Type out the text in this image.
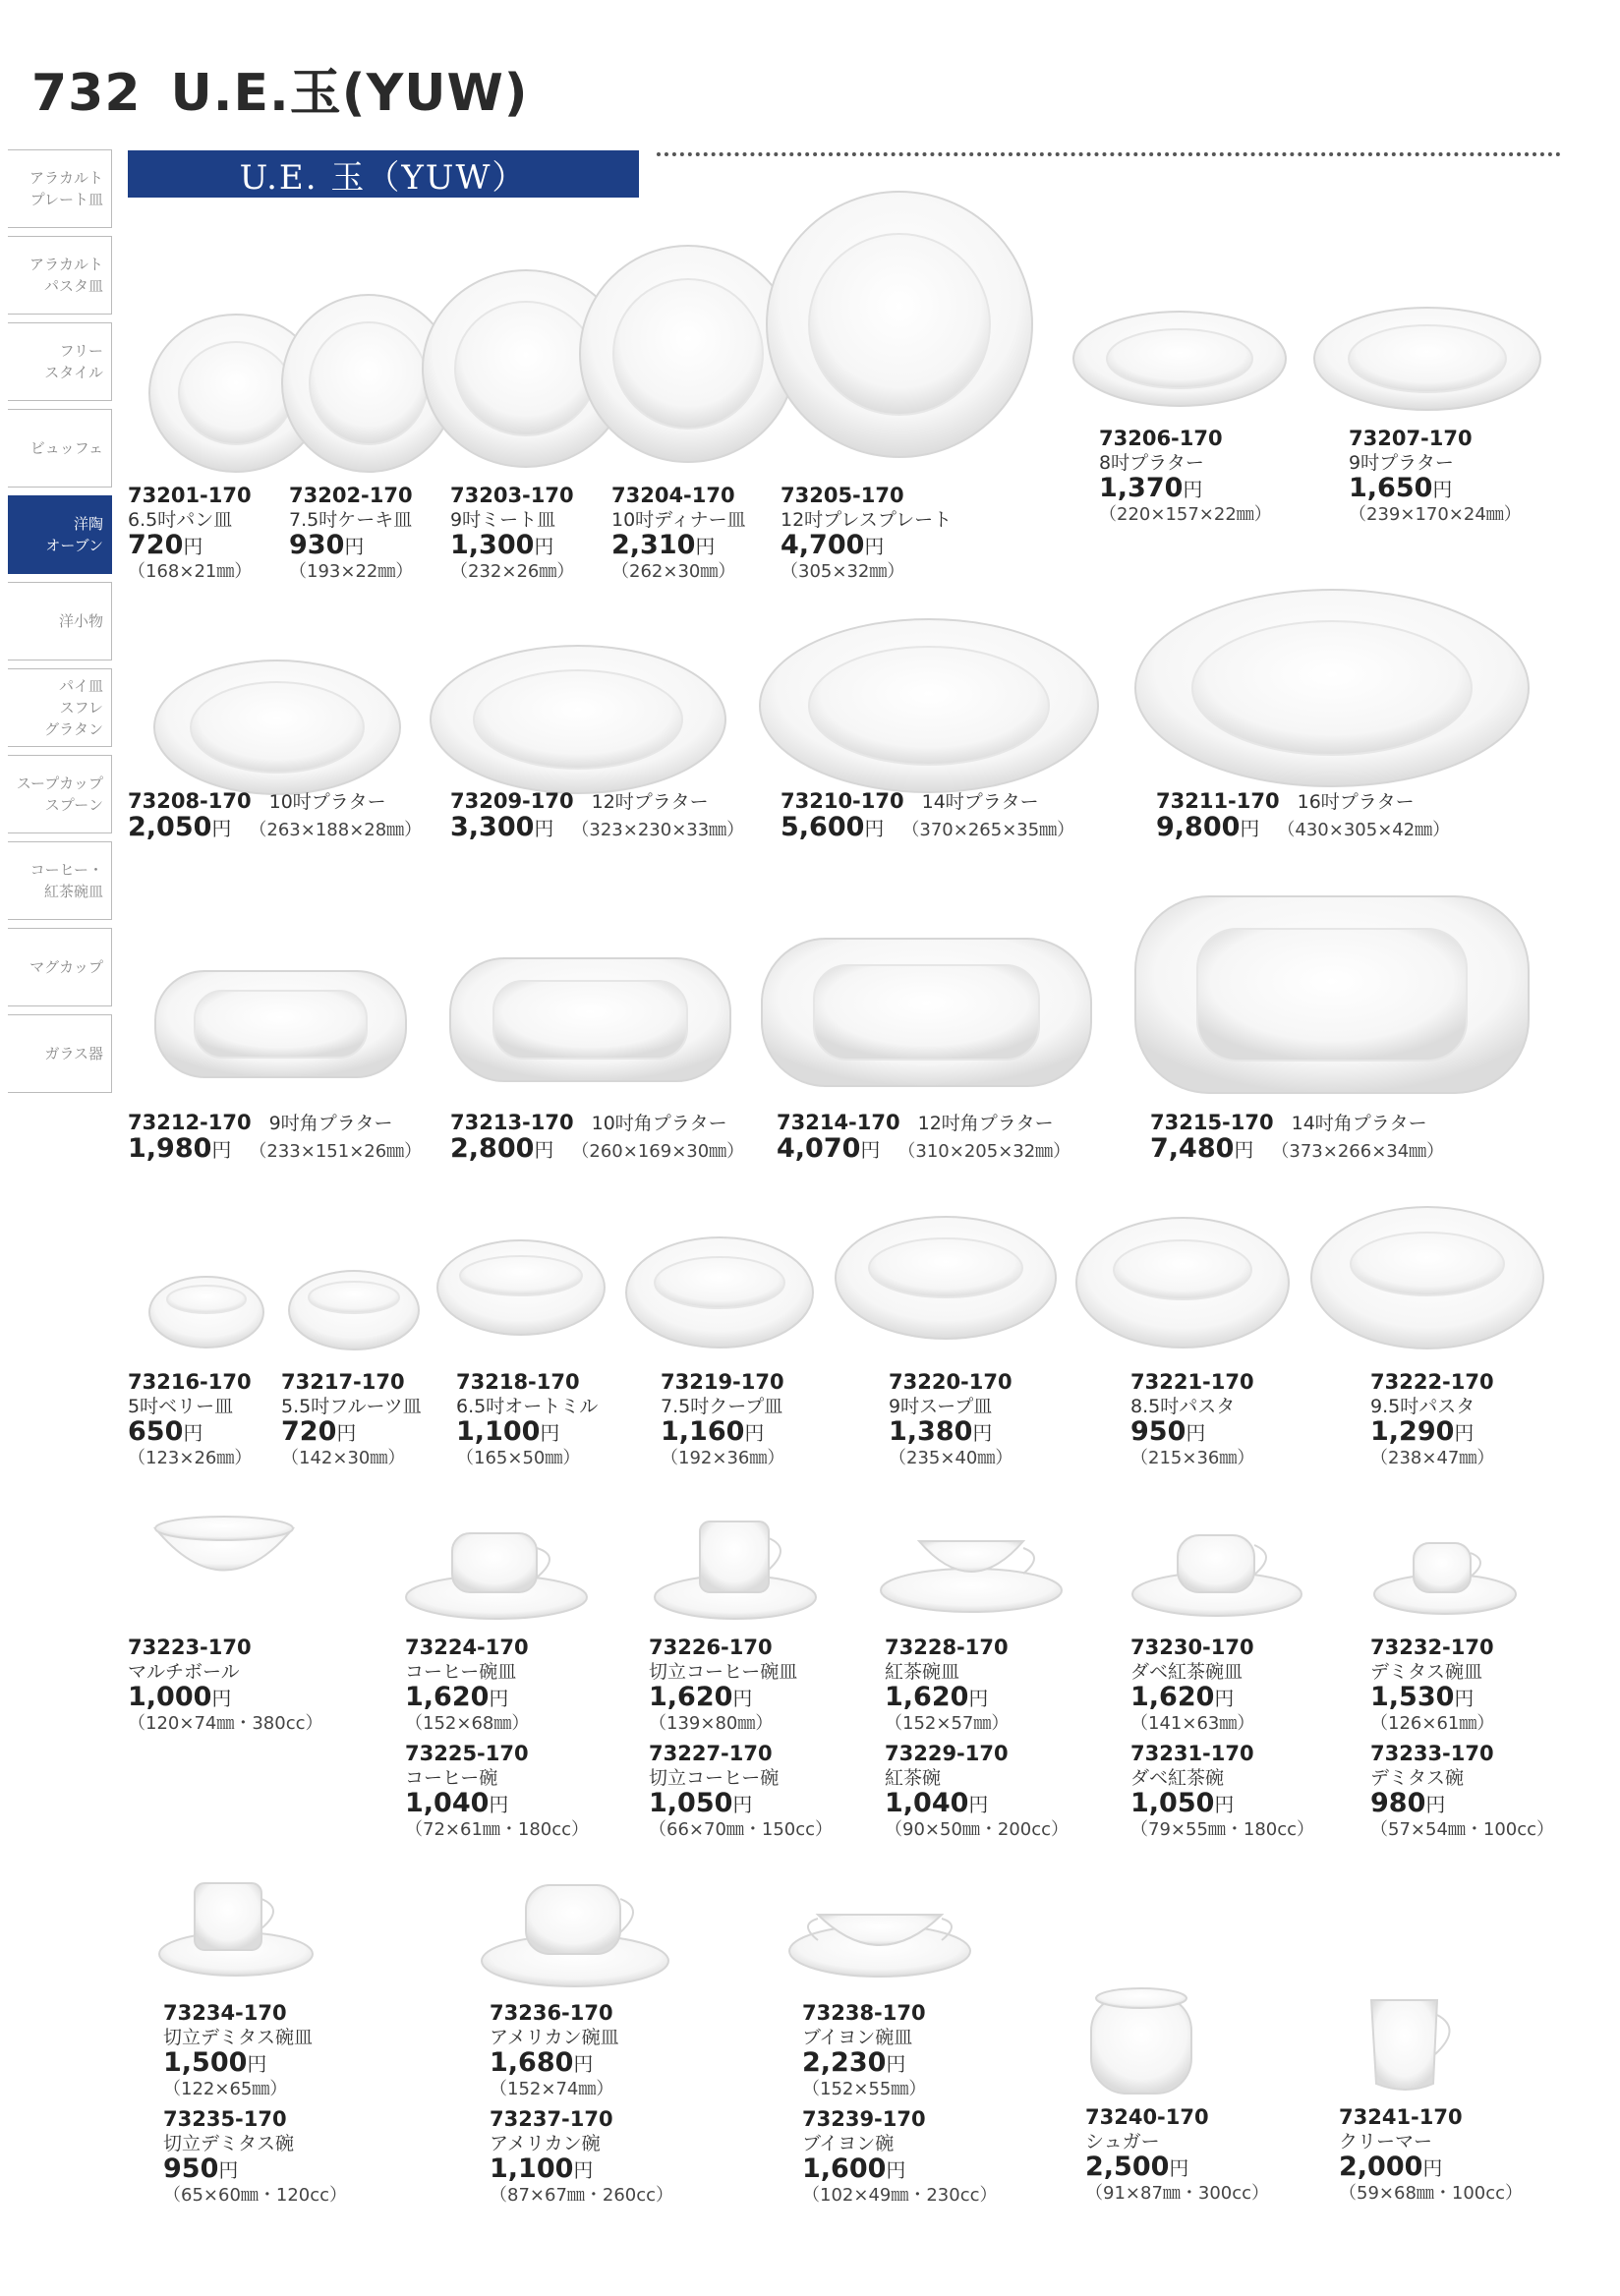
732 U.E.玉(YUW)
アラカルト
プレート皿
アラカルト
パスタ皿
フリー
スタイル
ビュッフェ
洋陶
オーブン
洋小物
パイ皿
スフレ
グラタン
スープカップ
スプーン
コーヒー・
紅茶碗皿
マグカップ
ガラス器
U.E. 玉（YUW）
73201-170
6.5吋パン皿
720円
（168×21㎜）
73202-170
7.5吋ケーキ皿
930円
（193×22㎜）
73203-170
9吋ミート皿
1,300円
（232×26㎜）
73204-170
10吋ディナー皿
2,310円
（262×30㎜）
73205-170
12吋プレスプレート
4,700円
（305×32㎜）
73206-170
8吋プラター
1,370円
（220×157×22㎜）
73207-170
9吋プラター
1,650円
（239×170×24㎜）
73208-170 10吋プラター
2,050円 （263×188×28㎜）
73209-170 12吋プラター
3,300円 （323×230×33㎜）
73210-170 14吋プラター
5,600円 （370×265×35㎜）
73211-170 16吋プラター
9,800円 （430×305×42㎜）
73212-170 9吋角プラター
1,980円 （233×151×26㎜）
73213-170 10吋角プラター
2,800円 （260×169×30㎜）
73214-170 12吋角プラター
4,070円 （310×205×32㎜）
73215-170 14吋角プラター
7,480円 （373×266×34㎜）
73216-170
5吋ベリー皿
650円
（123×26㎜）
73217-170
5.5吋フルーツ皿
720円
（142×30㎜）
73218-170
6.5吋オートミル
1,100円
（165×50㎜）
73219-170
7.5吋クープ皿
1,160円
（192×36㎜）
73220-170
9吋スープ皿
1,380円
（235×40㎜）
73221-170
8.5吋パスタ
950円
（215×36㎜）
73222-170
9.5吋パスタ
1,290円
（238×47㎜）
73223-170
マルチボール
1,000円
（120×74㎜・380cc）
73224-170
コーヒー碗皿
1,620円
（152×68㎜）
73225-170
コーヒー碗
1,040円
（72×61㎜・180cc）
73226-170
切立コーヒー碗皿
1,620円
（139×80㎜）
73227-170
切立コーヒー碗
1,050円
（66×70㎜・150cc）
73228-170
紅茶碗皿
1,620円
（152×57㎜）
73229-170
紅茶碗
1,040円
（90×50㎜・200cc）
73230-170
ダベ紅茶碗皿
1,620円
（141×63㎜）
73231-170
ダベ紅茶碗
1,050円
（79×55㎜・180cc）
73232-170
デミタス碗皿
1,530円
（126×61㎜）
73233-170
デミタス碗
980円
（57×54㎜・100cc）
73234-170
切立デミタス碗皿
1,500円
（122×65㎜）
73235-170
切立デミタス碗
950円
（65×60㎜・120cc）
73236-170
アメリカン碗皿
1,680円
（152×74㎜）
73237-170
アメリカン碗
1,100円
（87×67㎜・260cc）
73238-170
ブイヨン碗皿
2,230円
（152×55㎜）
73239-170
ブイヨン碗
1,600円
（102×49㎜・230cc）
73240-170
シュガー
2,500円
（91×87㎜・300cc）
73241-170
クリーマー
2,000円
（59×68㎜・100cc）
